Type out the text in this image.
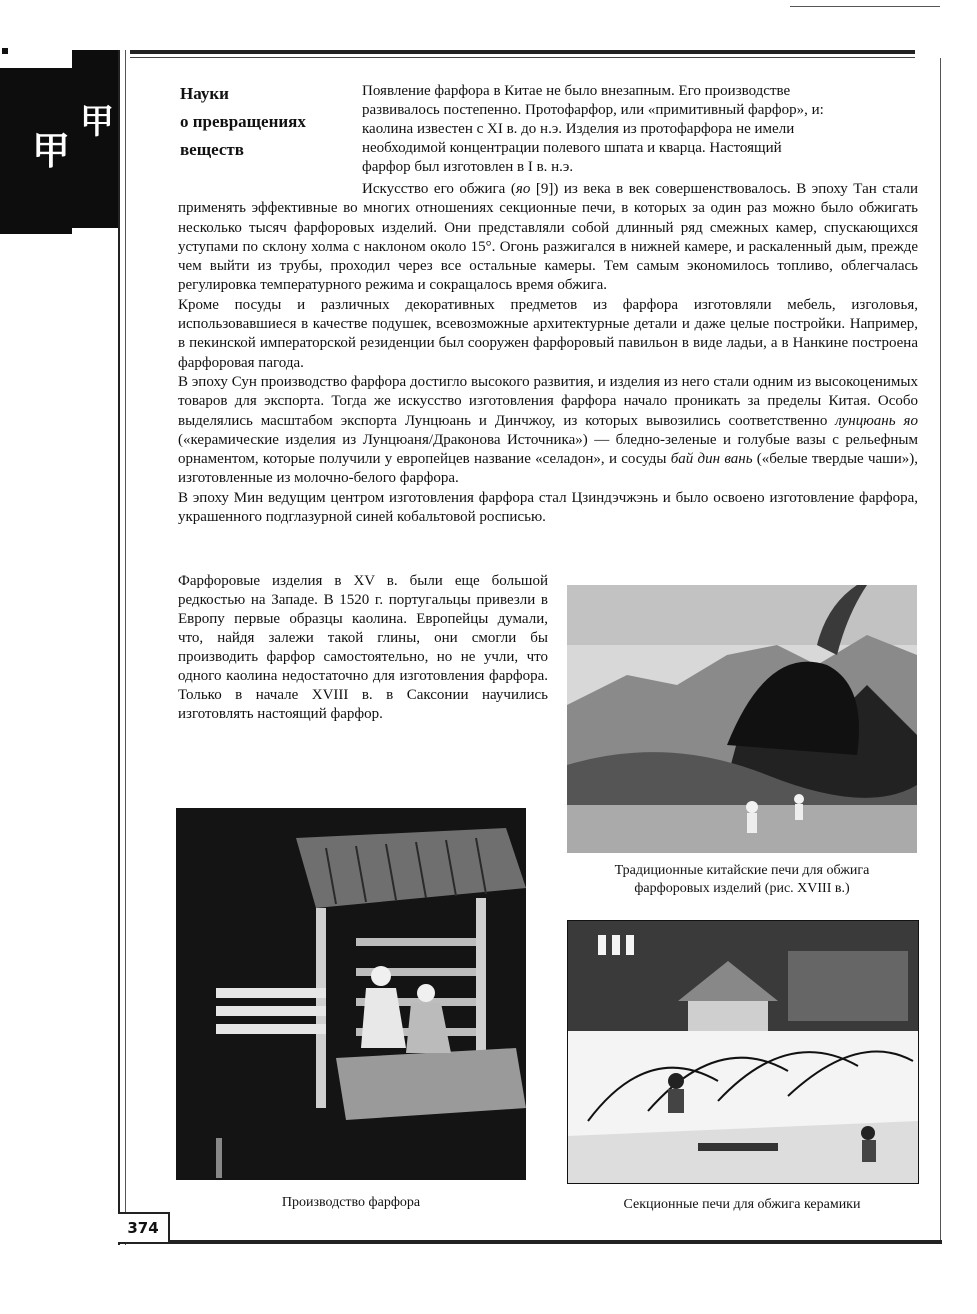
甲
甲
Науки
о превращениях
веществ
Появление фарфора в Китае не было внезапным. Его производстве
развивалось постепенно. Протофарфор, или «примитивный фарфор», и:
каолина известен с XI в. до н.э. Изделия из протофарфора не имели
необходимой концентрации полевого шпата и кварца. Настоящий
фарфор был изготовлен в I в. н.э.

Искусство его обжига (яо [9]) из века в век совершенствовалось. В эпоху Тан стали применять эффективные во многих отношениях секционные печи, в которых за один раз можно было обжигать несколько тысяч фарфоровых изделий. Они представляли собой длинный ряд смежных камер, спускающихся уступами по склону холма с наклоном около 15°. Огонь разжигался в нижней камере, и раскаленный дым, прежде чем выйти из трубы, проходил через все остальные камеры. Тем самым экономилось топливо, облегчалась регулировка температурного режима и сокращалось время обжига.

Кроме посуды и различных декоративных предметов из фарфора изготовляли мебель, изголовья, использовавшиеся в качестве подушек, всевозможные архитектурные детали и даже целые постройки. Например, в пекинской императорской резиденции был сооружен фарфоровый павильон в виде ладьи, а в Нанкине построена фарфоровая пагода.

В эпоху Сун производство фарфора достигло высокого развития, и изделия из него стали одним из высокоценимых товаров для экспорта. Тогда же искусство изготовления фарфора начало проникать за пределы Китая. Особо выделялись масштабом экспорта Лунцюань и Динчжоу, из которых вывозились соответственно лунцюань яо («керамические изделия из Лунцюаня/Драконова Источника») — бледно-зеленые и голубые вазы с рельефным орнаментом, которые получили у европейцев название «селадон», и сосуды бай дин вань («белые твердые чаши»), изготовленные из молочно-белого фарфора.

В эпоху Мин ведущим центром изготовления фарфора стал Цзиндэчжэнь и было освоено изготовление фарфора, украшенного подглазурной синей кобальтовой росписью.

Фарфоровые изделия в XV в. были еще большой редкостью на Западе. В 1520 г. португальцы привезли в Европу первые образцы каолина. Европейцы думали, что, найдя залежи такой глины, они смогли бы производить фарфор самостоятельно, но не учли, что одного каолина недостаточно для изготовления фарфора. Только в начале XVIII в. в Саксонии научились изготовлять настоящий фарфор.
Традиционные китайские печи для обжига
фарфоровых изделий (рис. XVIII в.)
Производство фарфора	Секционные печи для обжига керамики
374
